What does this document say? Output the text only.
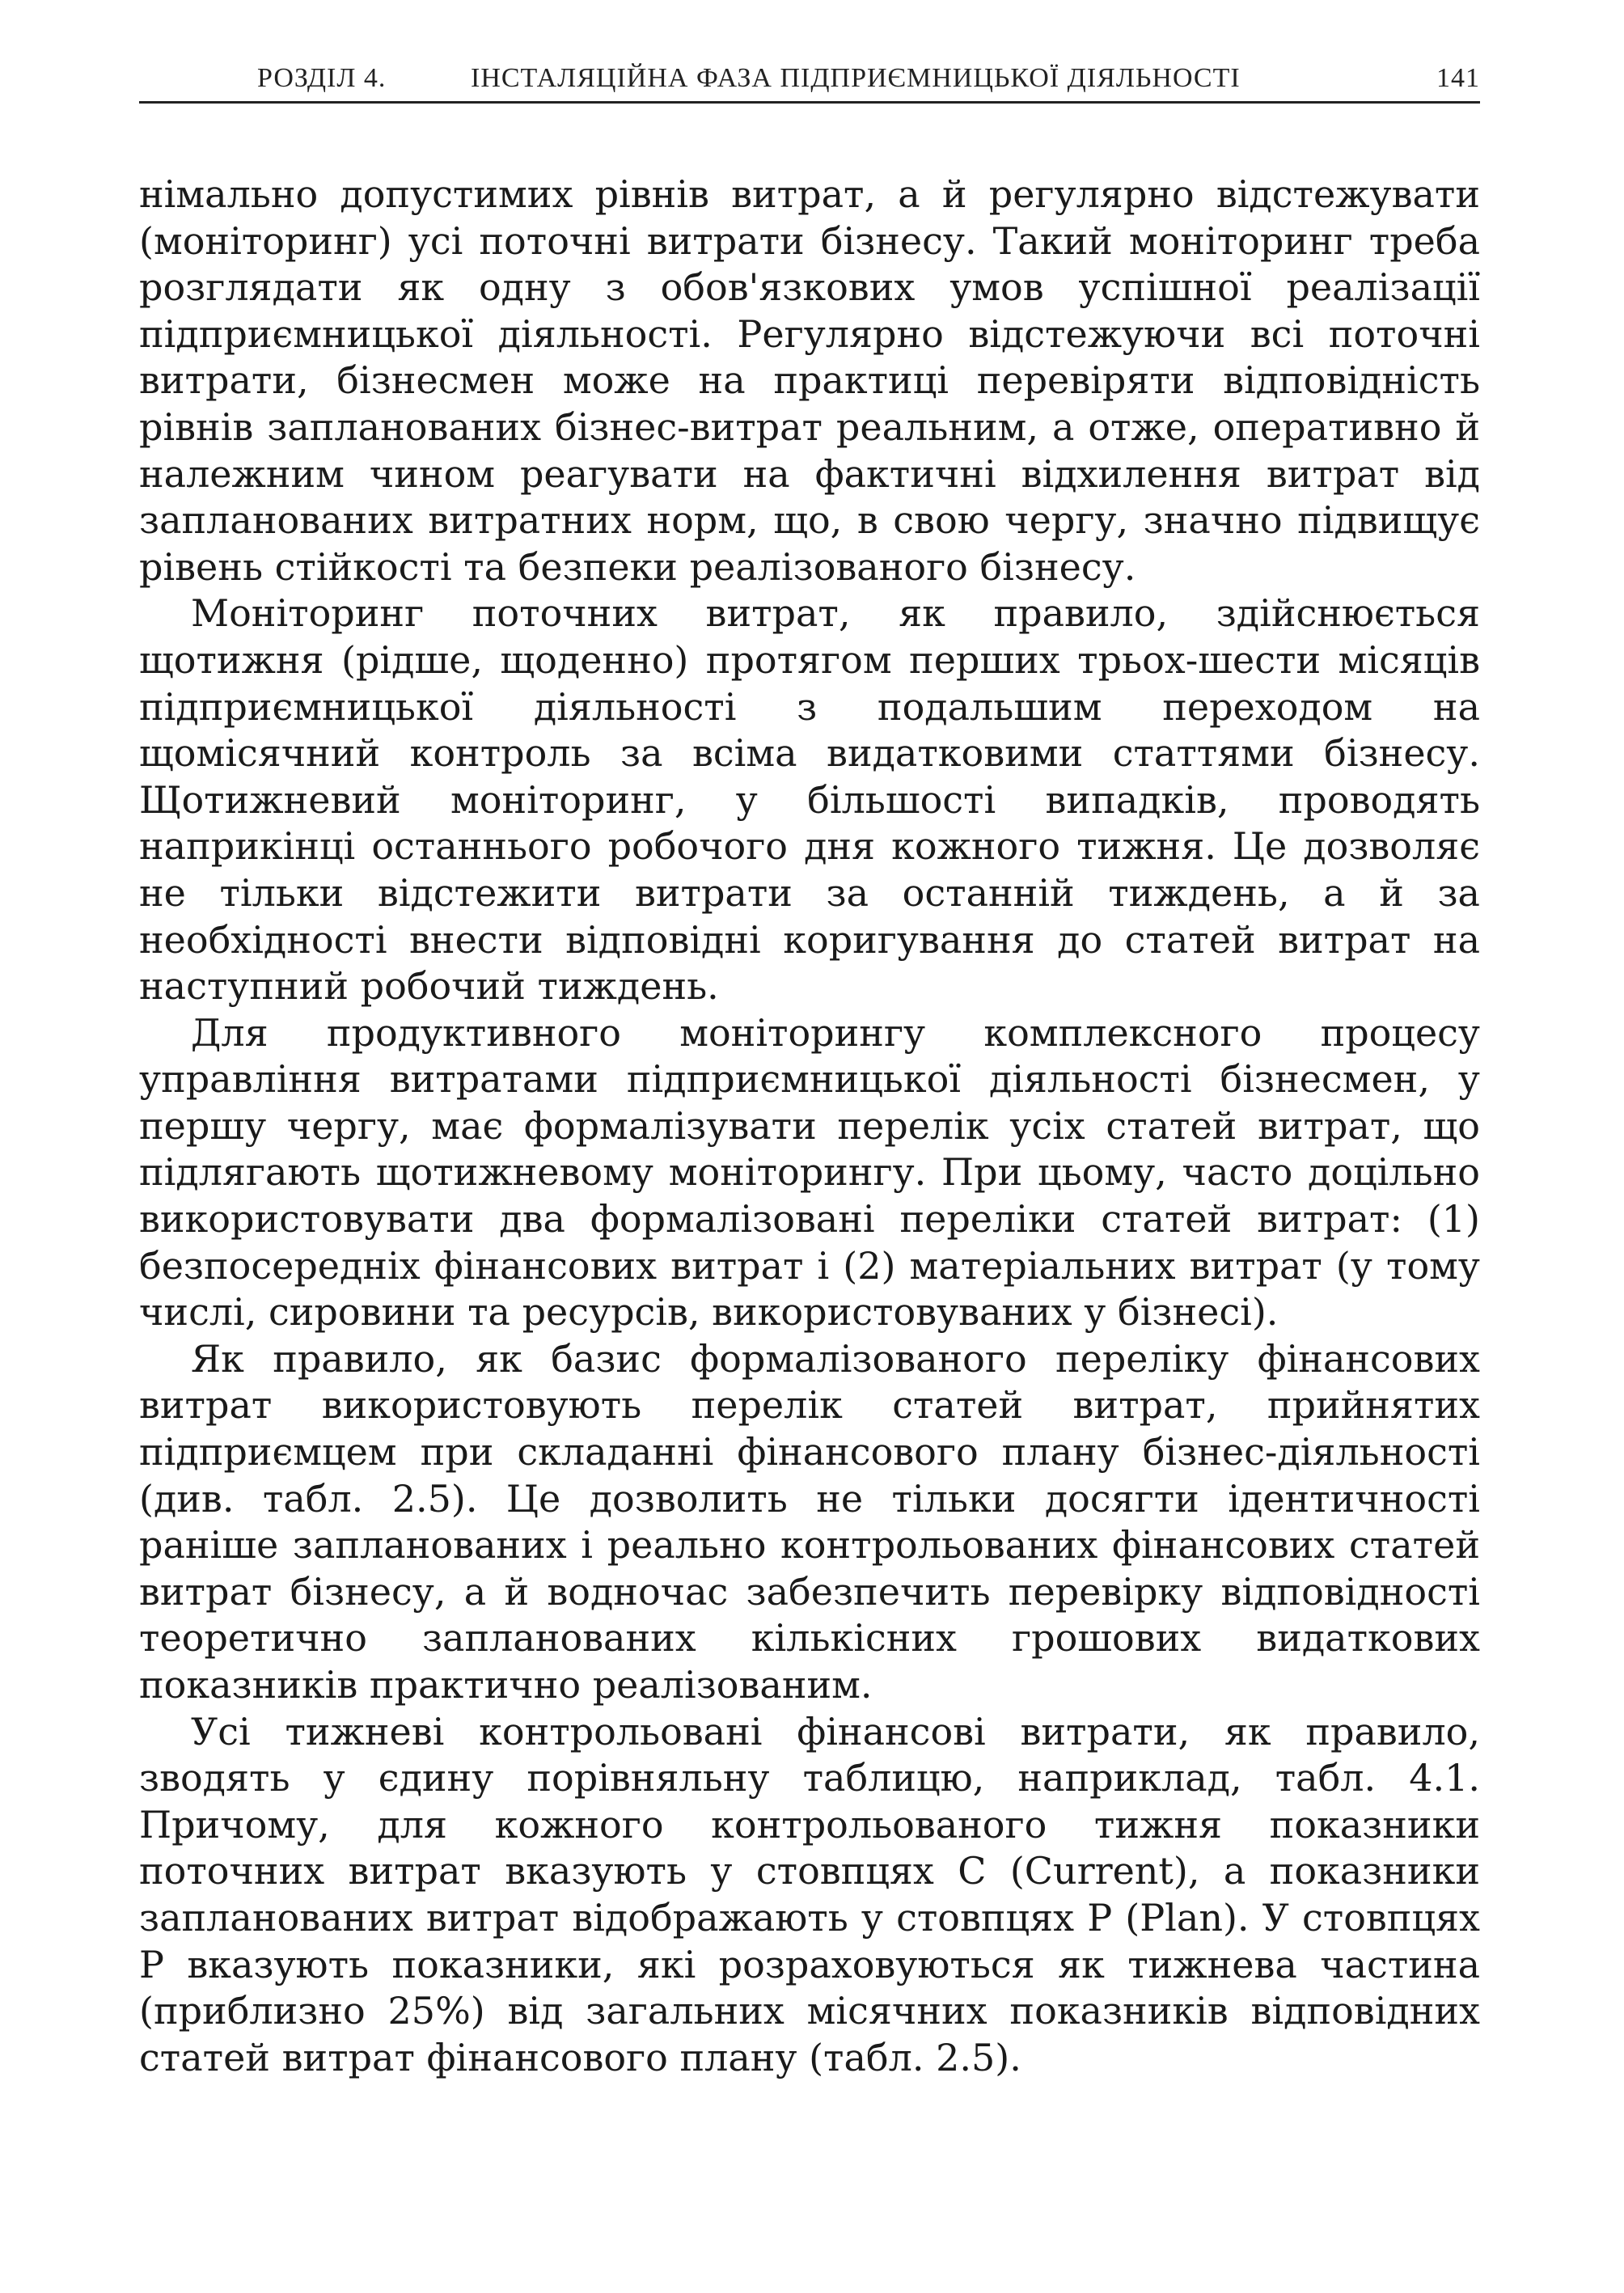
РОЗДІЛ 4.	ІНСТАЛЯЦІЙНА ФАЗА ПІДПРИЄМНИЦЬКОЇ ДІЯЛЬНОСТІ	141

німально допустимих рівнів витрат, а й регулярно відстежувати (моніторинг) усі поточні витрати бізнесу. Такий моніторинг треба розглядати як одну з обов'язкових умов успішної реалізації підприємницької діяльності. Регулярно відстежуючи всі поточні витрати, бізнесмен може на практиці перевіряти відповідність рівнів запланованих бізнес-витрат реальним, а отже, оперативно й належним чином реагувати на фактичні відхилення витрат від запланованих витратних норм, що, в свою чергу, значно підвищує рівень стійкості та безпеки реалізованого бізнесу.

Моніторинг поточних витрат, як правило, здійснюється щотижня (рідше, щоденно) протягом перших трьох-шести місяців підприємницької діяльності з подальшим переходом на щомісячний контроль за всіма видатковими статтями бізнесу. Щотижневий моніторинг, у більшості випадків, проводять наприкінці останнього робочого дня кожного тижня. Це дозволяє не тільки відстежити витрати за останній тиждень, а й за необхідності внести відповідні коригування до статей витрат на наступний робочий тиждень.

Для продуктивного моніторингу комплексного процесу управління витратами підприємницької діяльності бізнесмен, у першу чергу, має формалізувати перелік усіх статей витрат, що підлягають щотижневому моніторингу. При цьому, часто доцільно використовувати два формалізовані переліки статей витрат: (1) безпосередніх фінансових витрат і (2) матеріальних витрат (у тому числі, сировини та ресурсів, використовуваних у бізнесі).

Як правило, як базис формалізованого переліку фінансових витрат використовують перелік статей витрат, прийнятих підприємцем при складанні фінансового плану бізнес-діяльності (див. табл. 2.5). Це дозволить не тільки досягти ідентичності раніше запланованих і реально контрольованих фінансових статей витрат бізнесу, а й водночас забезпечить перевірку відповідності теоретично запланованих кількісних грошових видаткових показників практично реалізованим.

Усі тижневі контрольовані фінансові витрати, як правило, зводять у єдину порівняльну таблицю, наприклад, табл. 4.1. Причому, для кожного контрольованого тижня показники поточних витрат вказують у стовпцях C (Current), а показники запланованих витрат відображають у стовпцях P (Plan). У стовпцях P вказують показники, які розраховуються як тижнева частина (приблизно 25%) від загальних місячних показників відповідних статей витрат фінансового плану (табл. 2.5).
